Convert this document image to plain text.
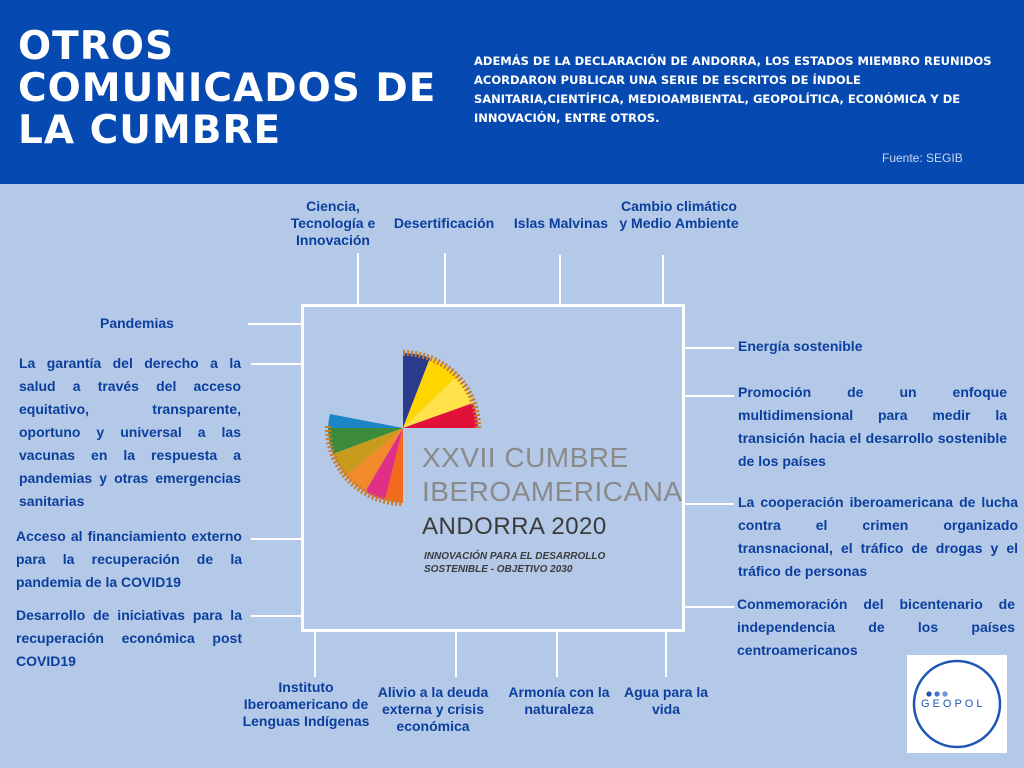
OTROS COMUNICADOS DE LA CUMBRE
ADEMÁS DE LA DECLARACIÓN DE ANDORRA, LOS ESTADOS MIEMBRO REUNIDOS ACORDARON PUBLICAR UNA SERIE DE ESCRITOS DE ÍNDOLE SANITARIA,CIENTÍFICA, MEDIOAMBIENTAL, GEOPOLÍTICA, ECONÓMICA Y DE INNOVACIÓN, ENTRE OTROS.
Fuente: SEGIB
XXVII CUMBRE
IBEROAMERICANA
ANDORRA 2020
INNOVACIÓN PARA EL DESARROLLO
SOSTENIBLE - OBJETIVO 2030
Ciencia, Tecnología e Innovación
Desertificación	Islas Malvinas
Cambio climático y Medio Ambiente
Pandemias
La garantía del derecho a la salud a través del acceso equitativo, transparente, oportuno y universal a las vacunas en la respuesta a pandemias y otras emergencias sanitarias
Acceso al financiamiento externo para la recuperación de la pandemia de la COVID19
Desarrollo de iniciativas para la recuperación económica post COVID19
Energía sostenible
Promoción de un enfoque multidimensional para medir la transición hacia el desarrollo sostenible de los países
La cooperación iberoamericana de lucha contra el crimen organizado transnacional, el tráfico de drogas y el tráfico de personas
Conmemoración del bicentenario de independencia de los países centroamericanos
Instituto Iberoamericano de Lenguas Indígenas
Alivio a la deuda externa y crisis económica
Armonía con la naturaleza
Agua para la vida	GEOPOL
